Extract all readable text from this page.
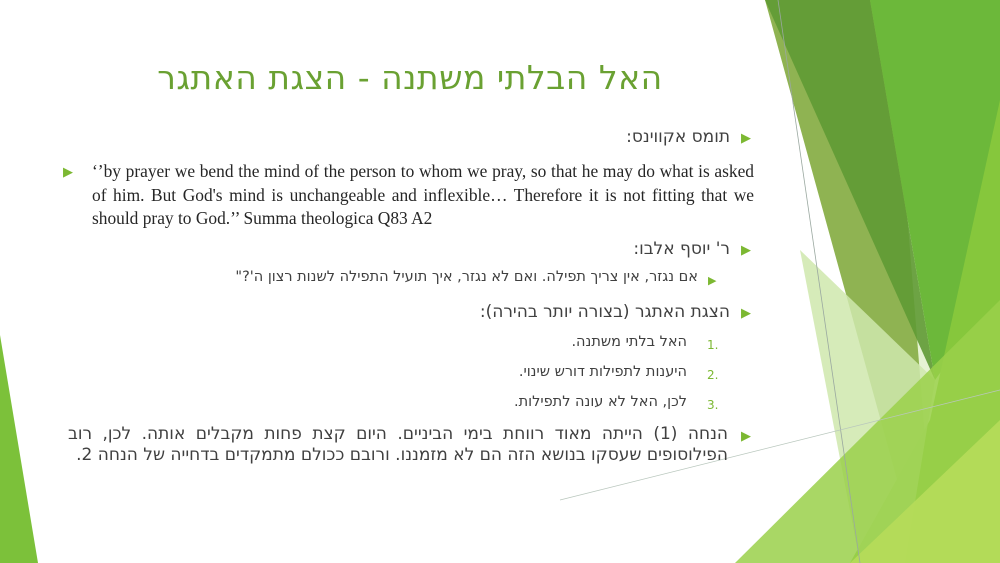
האל הבלתי משתנה - הצגת האתגר
▶
תומס אקווינס:
▶ ‘’by prayer we bend the mind of the person to whom we pray, so that he may do what is asked of him. But God's mind is unchangeable and inflexible… Therefore it is not fitting that we should pray to God.’’ Summa theologica Q83 A2
▶
ר' יוסף אלבו:
▶
אם נגזר, אין צריך תפילה. ואם לא נגזר, איך תועיל התפילה לשנות רצון ה'?"
▶
הצגת האתגר (בצורה יותר בהירה):
1.
האל בלתי משתנה.
2.
היענות לתפילות דורש שינוי.
3.
לכן, האל לא עונה לתפילות.
▶
הנחה (1) הייתה מאוד רווחת בימי הביניים. היום קצת פחות מקבלים אותה. לכן, רוב הפילוסופים שעסקו בנושא הזה הם לא מזמננו. ורובם ככולם מתמקדים בדחייה של הנחה 2.
